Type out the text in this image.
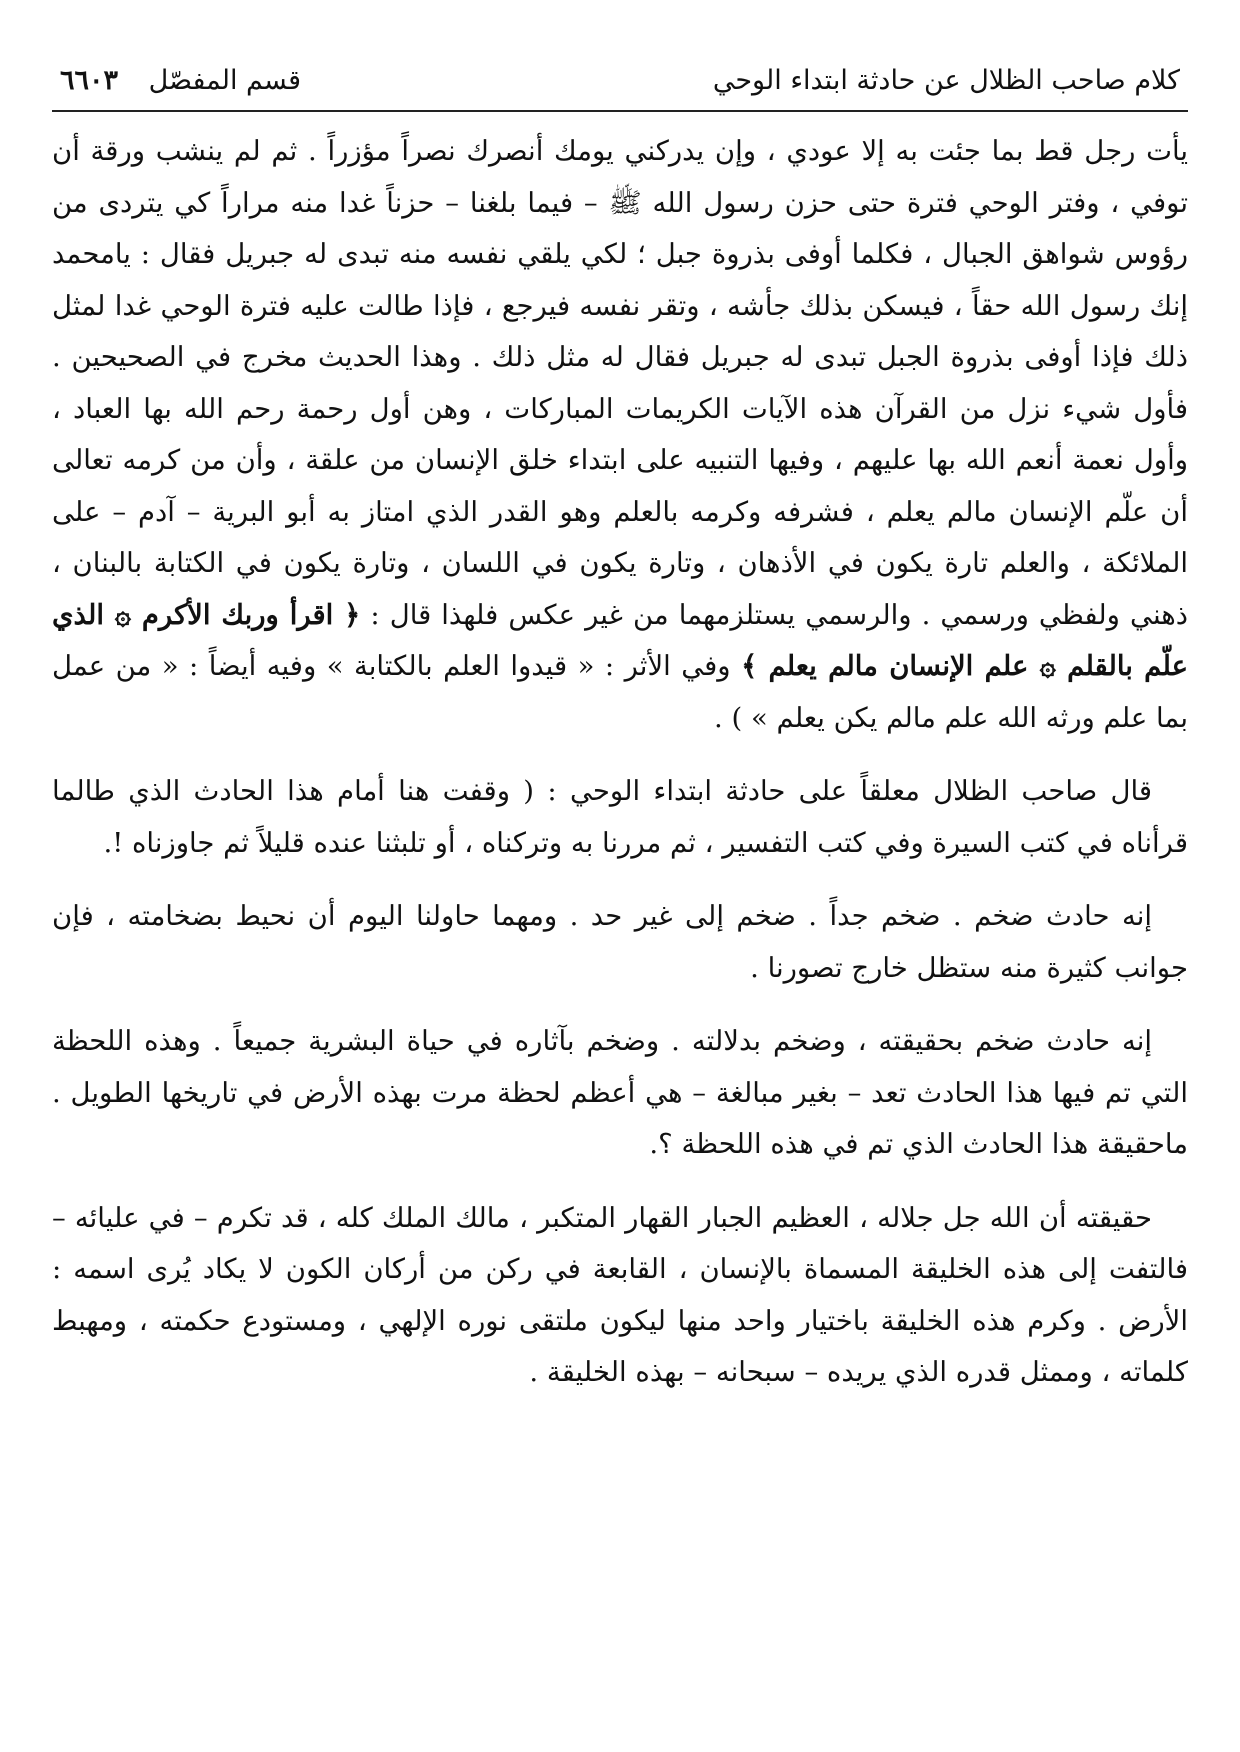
كلام صاحب الظلال عن حادثة ابتداء الوحي
قسم المفصّل ٦٦٠٣

يأت رجل قط بما جئت به إلا عودي ، وإن يدركني يومك أنصرك نصراً مؤزراً . ثم لم ينشب ورقة أن توفي ، وفتر الوحي فترة حتى حزن رسول الله ﷺ – فيما بلغنا – حزناً غدا منه مراراً كي يتردى من رؤوس شواهق الجبال ، فكلما أوفى بذروة جبل ؛ لكي يلقي نفسه منه تبدى له جبريل فقال : يامحمد إنك رسول الله حقاً ، فيسكن بذلك جأشه ، وتقر نفسه فيرجع ، فإذا طالت عليه فترة الوحي غدا لمثل ذلك فإذا أوفى بذروة الجبل تبدى له جبريل فقال له مثل ذلك . وهذا الحديث مخرج في الصحيحين . فأول شيء نزل من القرآن هذه الآيات الكريمات المباركات ، وهن أول رحمة رحم الله بها العباد ، وأول نعمة أنعم الله بها عليهم ، وفيها التنبيه على ابتداء خلق الإنسان من علقة ، وأن من كرمه تعالى أن علّم الإنسان مالم يعلم ، فشرفه وكرمه بالعلم وهو القدر الذي امتاز به أبو البرية – آدم – على الملائكة ، والعلم تارة يكون في الأذهان ، وتارة يكون في اللسان ، وتارة يكون في الكتابة بالبنان ، ذهني ولفظي ورسمي . والرسمي يستلزمهما من غير عكس فلهذا قال : ﴿ اقرأ وربك الأكرم ۞ الذي علّم بالقلم ۞ علم الإنسان مالم يعلم ﴾ وفي الأثر : « قيدوا العلم بالكتابة » وفيه أيضاً : « من عمل بما علم ورثه الله علم مالم يكن يعلم » ) .

قال صاحب الظلال معلقاً على حادثة ابتداء الوحي : ( وقفت هنا أمام هذا الحادث الذي طالما قرأناه في كتب السيرة وفي كتب التفسير ، ثم مررنا به وتركناه ، أو تلبثنا عنده قليلاً ثم جاوزناه !.

إنه حادث ضخم . ضخم جداً . ضخم إلى غير حد . ومهما حاولنا اليوم أن نحيط بضخامته ، فإن جوانب كثيرة منه ستظل خارج تصورنا .

إنه حادث ضخم بحقيقته ، وضخم بدلالته . وضخم بآثاره في حياة البشرية جميعاً . وهذه اللحظة التي تم فيها هذا الحادث تعد – بغير مبالغة – هي أعظم لحظة مرت بهذه الأرض في تاريخها الطويل . ماحقيقة هذا الحادث الذي تم في هذه اللحظة ؟.

حقيقته أن الله جل جلاله ، العظيم الجبار القهار المتكبر ، مالك الملك كله ، قد تكرم – في عليائه – فالتفت إلى هذه الخليقة المسماة بالإنسان ، القابعة في ركن من أركان الكون لا يكاد يُرى اسمه : الأرض . وكرم هذه الخليقة باختيار واحد منها ليكون ملتقى نوره الإلهي ، ومستودع حكمته ، ومهبط كلماته ، وممثل قدره الذي يريده – سبحانه – بهذه الخليقة .
